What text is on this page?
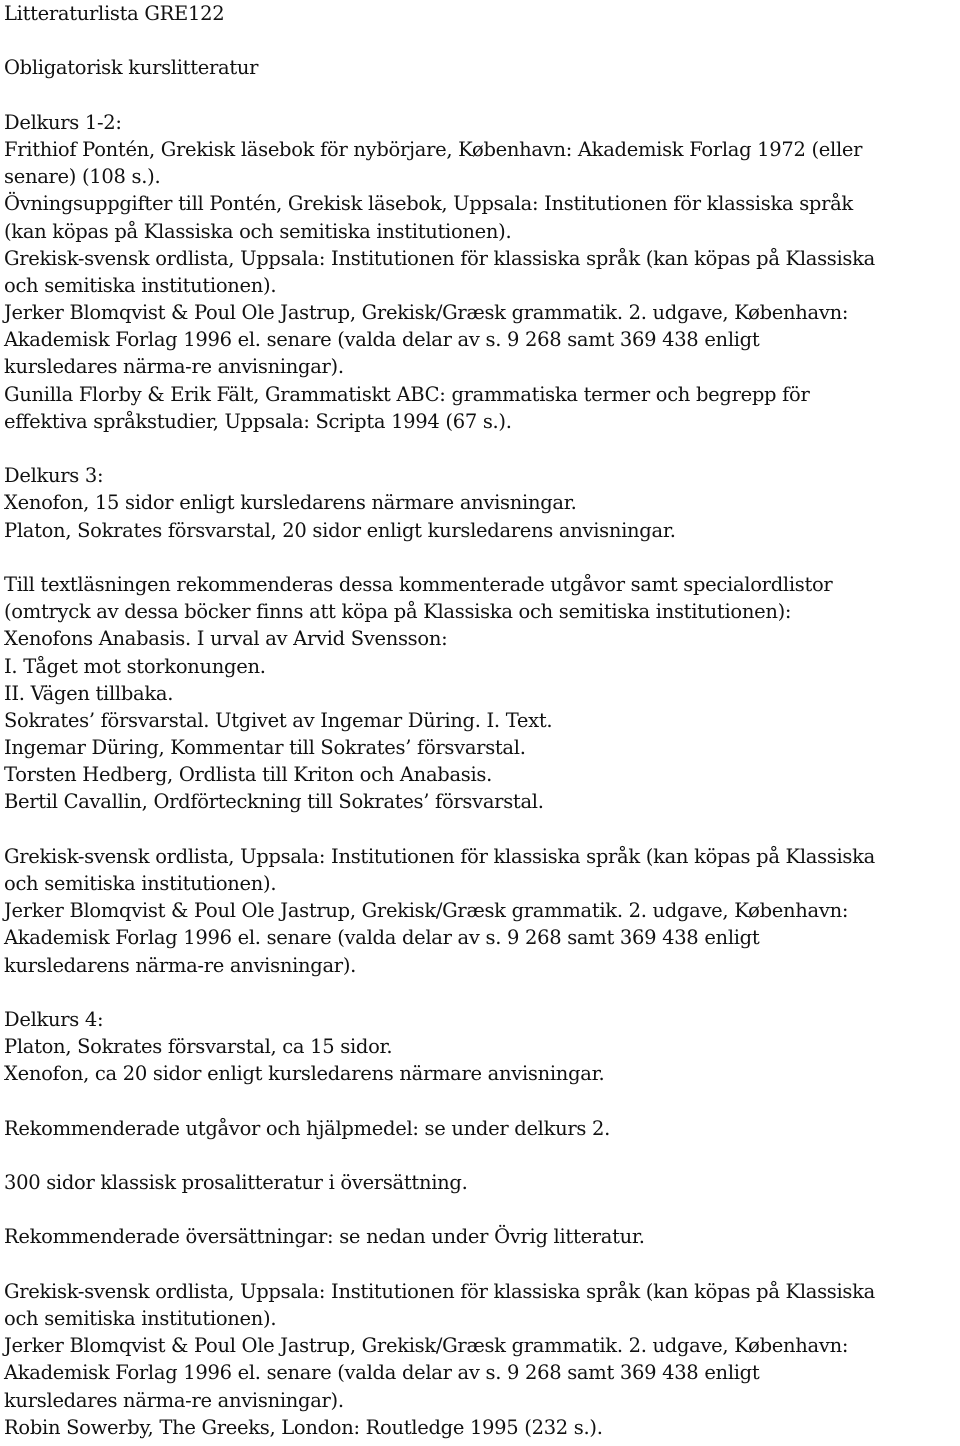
Litteraturlista GRE122
Obligatorisk kurslitteratur
Delkurs 1-2:
Frithiof Pontén, Grekisk läsebok för nybörjare, København: Akademisk Forlag 1972 (eller
senare) (108 s.).
Övningsuppgifter till Pontén, Grekisk läsebok, Uppsala: Institutionen för klassiska språk
(kan köpas på Klassiska och semitiska institutionen).
Grekisk-svensk ordlista, Uppsala: Institutionen för klassiska språk (kan köpas på Klassiska
och semitiska institutionen).
Jerker Blomqvist & Poul Ole Jastrup, Grekisk/Græsk grammatik. 2. udgave, København:
Akademisk Forlag 1996 el. senare (valda delar av s. 9 268 samt 369 438 enligt
kursledares närma-re anvisningar).
Gunilla Florby & Erik Fält, Grammatiskt ABC: grammatiska termer och begrepp för
effektiva språkstudier, Uppsala: Scripta 1994 (67 s.).
Delkurs 3:
Xenofon, 15 sidor enligt kursledarens närmare anvisningar.
Platon, Sokrates försvarstal, 20 sidor enligt kursledarens anvisningar.
Till textläsningen rekommenderas dessa kommenterade utgåvor samt specialordlistor
(omtryck av dessa böcker finns att köpa på Klassiska och semitiska institutionen):
Xenofons Anabasis. I urval av Arvid Svensson:
I. Tåget mot storkonungen.
II. Vägen tillbaka.
Sokrates’ försvarstal. Utgivet av Ingemar Düring. I. Text.
Ingemar Düring, Kommentar till Sokrates’ försvarstal.
Torsten Hedberg, Ordlista till Kriton och Anabasis.
Bertil Cavallin, Ordförteckning till Sokrates’ försvarstal.
Grekisk-svensk ordlista, Uppsala: Institutionen för klassiska språk (kan köpas på Klassiska
och semitiska institutionen).
Jerker Blomqvist & Poul Ole Jastrup, Grekisk/Græsk grammatik. 2. udgave, København:
Akademisk Forlag 1996 el. senare (valda delar av s. 9 268 samt 369 438 enligt
kursledarens närma-re anvisningar).
Delkurs 4:
Platon, Sokrates försvarstal, ca 15 sidor.
Xenofon, ca 20 sidor enligt kursledarens närmare anvisningar.
Rekommenderade utgåvor och hjälpmedel: se under delkurs 2.
300 sidor klassisk prosalitteratur i översättning.
Rekommenderade översättningar: se nedan under Övrig litteratur.
Grekisk-svensk ordlista, Uppsala: Institutionen för klassiska språk (kan köpas på Klassiska
och semitiska institutionen).
Jerker Blomqvist & Poul Ole Jastrup, Grekisk/Græsk grammatik. 2. udgave, København:
Akademisk Forlag 1996 el. senare (valda delar av s. 9 268 samt 369 438 enligt
kursledares närma-re anvisningar).
Robin Sowerby, The Greeks, London: Routledge 1995 (232 s.).
